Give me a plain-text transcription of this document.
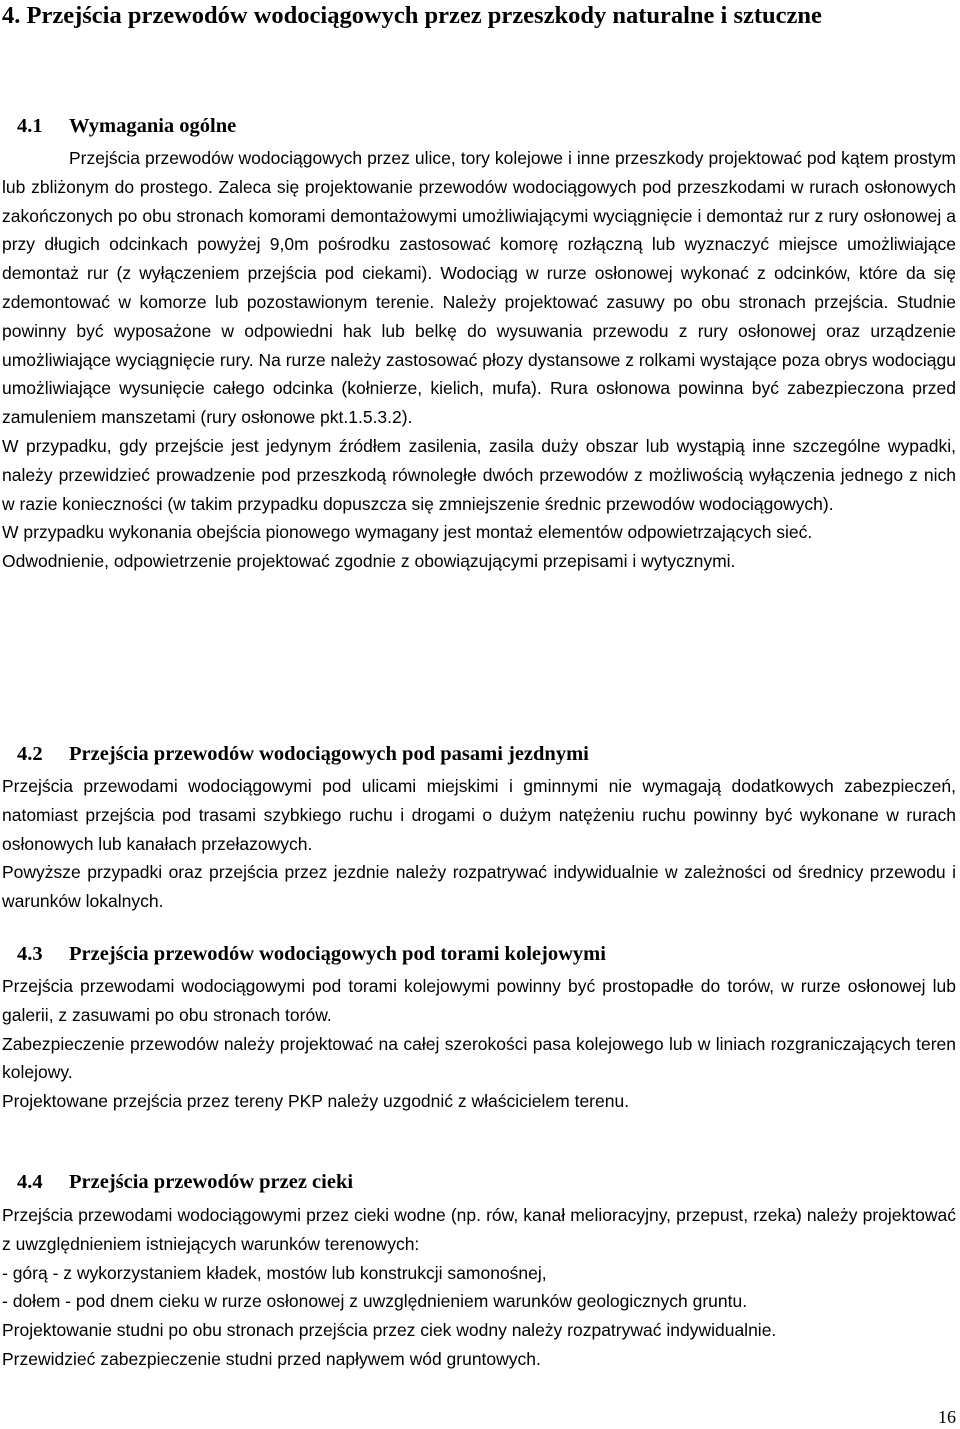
4. Przejścia przewodów wodociągowych przez przeszkody naturalne i sztuczne
4.1 Wymagania ogólne

Przejścia przewodów wodociągowych przez ulice, tory kolejowe i inne przeszkody projektować pod kątem prostym lub zbliżonym do prostego. Zaleca się projektowanie przewodów wodociągowych pod przeszkodami w rurach osłonowych zakończonych po obu stronach komorami demontażowymi umożliwiającymi wyciągnięcie i demontaż rur z rury osłonowej a przy długich odcinkach powyżej 9,0m pośrodku zastosować komorę rozłączną lub wyznaczyć miejsce umożliwiające demontaż rur (z wyłączeniem przejścia pod ciekami). Wodociąg w rurze osłonowej wykonać z odcinków, które da się zdemontować w komorze lub pozostawionym terenie. Należy projektować zasuwy po obu stronach przejścia. Studnie powinny być wyposażone w odpowiedni hak lub belkę do wysuwania przewodu z rury osłonowej oraz urządzenie umożliwiające wyciągnięcie rury. Na rurze należy zastosować płozy dystansowe z rolkami wystające poza obrys wodociągu umożliwiające wysunięcie całego odcinka (kołnierze, kielich, mufa). Rura osłonowa powinna być zabezpieczona przed zamuleniem manszetami (rury osłonowe pkt.1.5.3.2).

W przypadku, gdy przejście jest jedynym źródłem zasilenia, zasila duży obszar lub wystąpią inne szczególne wypadki, należy przewidzieć prowadzenie pod przeszkodą równoległe dwóch przewodów z możliwością wyłączenia jednego z nich w razie konieczności (w takim przypadku dopuszcza się zmniejszenie średnic przewodów wodociągowych).

W przypadku wykonania obejścia pionowego wymagany jest montaż elementów odpowietrzających sieć.

Odwodnienie, odpowietrzenie projektować zgodnie z obowiązującymi przepisami i wytycznymi.

4.2 Przejścia przewodów wodociągowych pod pasami jezdnymi

Przejścia przewodami wodociągowymi pod ulicami miejskimi i gminnymi nie wymagają dodatkowych zabezpieczeń, natomiast przejścia pod trasami szybkiego ruchu i drogami o dużym natężeniu ruchu powinny być wykonane w rurach osłonowych lub kanałach przełazowych.

Powyższe przypadki oraz przejścia przez jezdnie należy rozpatrywać indywidualnie w zależności od średnicy przewodu i warunków lokalnych.

4.3 Przejścia przewodów wodociągowych pod torami kolejowymi

Przejścia przewodami wodociągowymi pod torami kolejowymi powinny być prostopadłe do torów, w rurze osłonowej lub galerii, z zasuwami po obu stronach torów.

Zabezpieczenie przewodów należy projektować na całej szerokości pasa kolejowego lub w liniach rozgraniczających teren kolejowy.

Projektowane przejścia przez tereny PKP należy uzgodnić z właścicielem terenu.

4.4 Przejścia przewodów przez cieki

Przejścia przewodami wodociągowymi przez cieki wodne (np. rów, kanał melioracyjny, przepust, rzeka) należy projektować z uwzględnieniem istniejących warunków terenowych:

- górą - z wykorzystaniem kładek, mostów lub konstrukcji samonośnej,

- dołem - pod dnem cieku w rurze osłonowej z uwzględnieniem warunków geologicznych gruntu.

Projektowanie studni po obu stronach przejścia przez ciek wodny należy rozpatrywać indywidualnie.

Przewidzieć zabezpieczenie studni przed napływem wód gruntowych.

16
